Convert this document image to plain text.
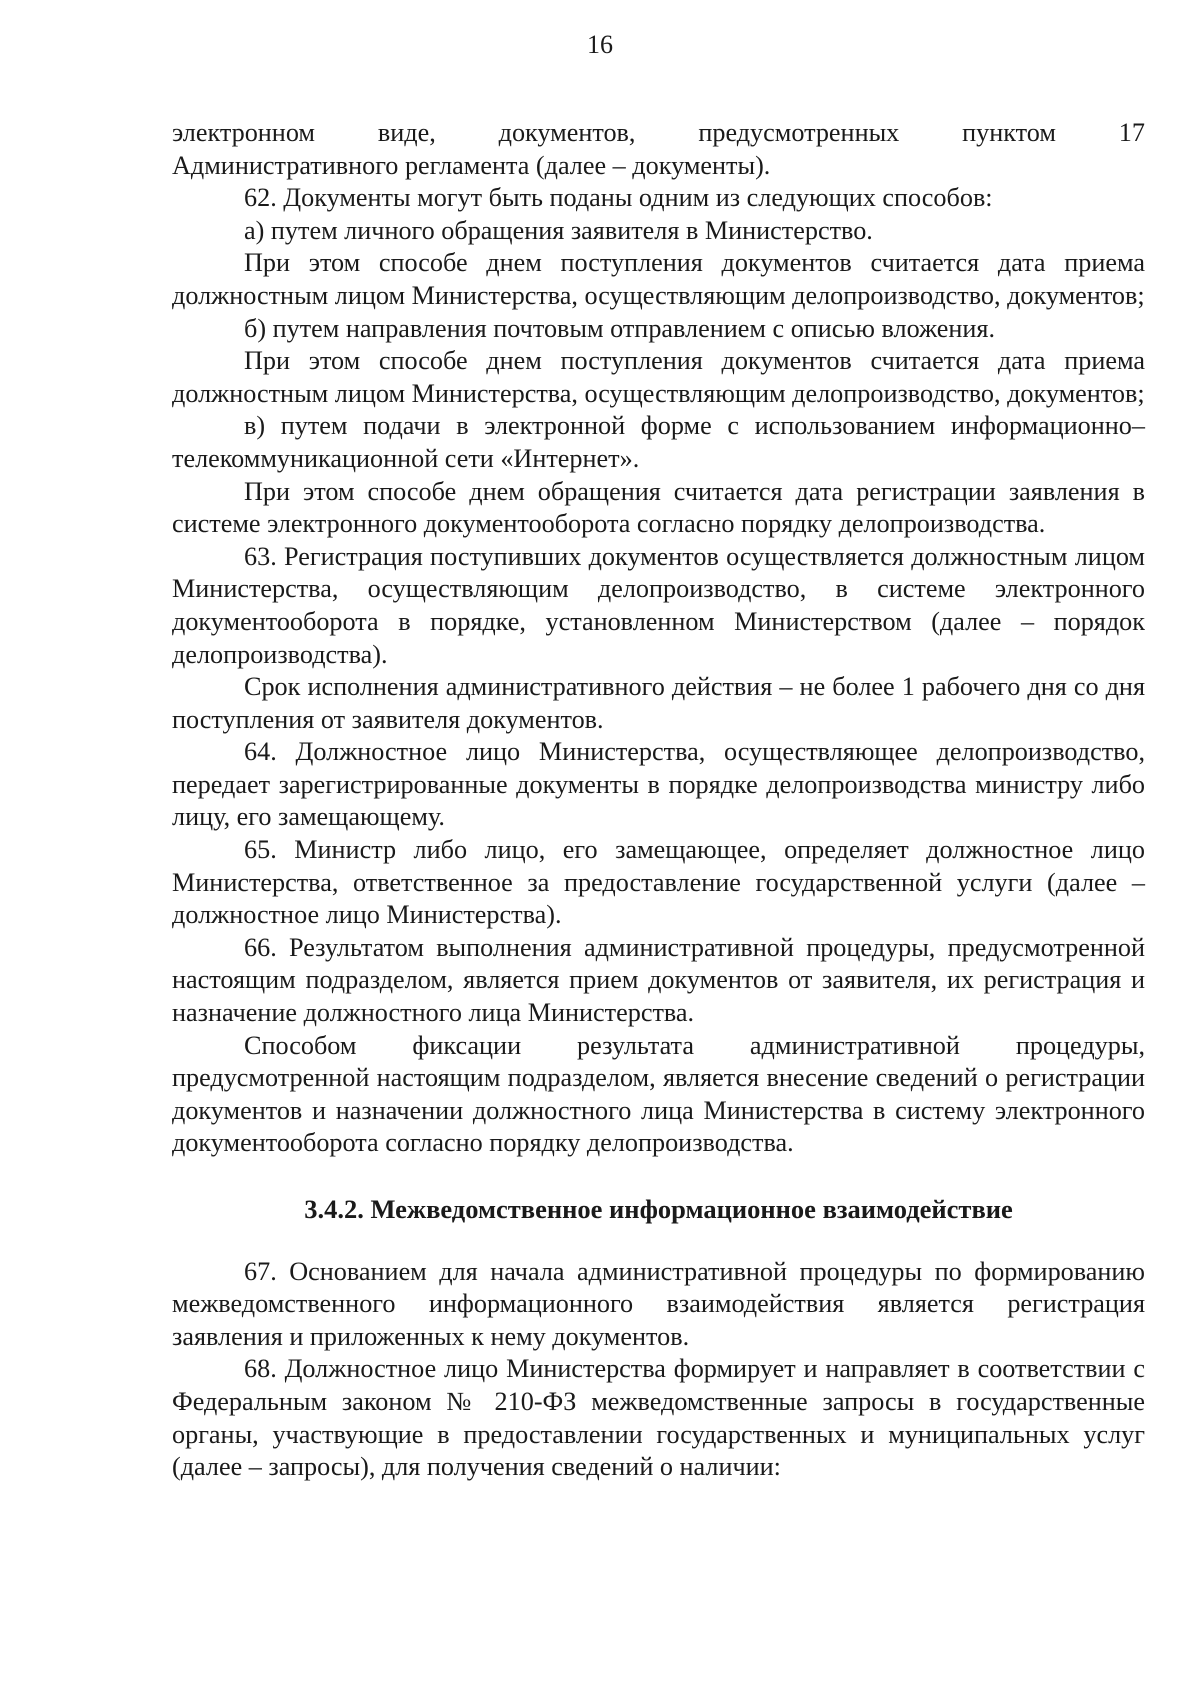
16

электронном виде, документов, предусмотренных пунктом 17

Административного регламента (далее – документы).

62. Документы могут быть поданы одним из следующих способов:

а) путем личного обращения заявителя в Министерство.

При этом способе днем поступления документов считается дата приема должностным лицом Министерства, осуществляющим делопроизводство, документов;

б) путем направления почтовым отправлением с описью вложения.

При этом способе днем поступления документов считается дата приема должностным лицом Министерства, осуществляющим делопроизводство, документов;

в) путем подачи в электронной форме с использованием информационно–телекоммуникационной сети «Интернет».

При этом способе днем обращения считается дата регистрации заявления в системе электронного документооборота согласно порядку делопроизводства.

63. Регистрация поступивших документов осуществляется должностным лицом Министерства, осуществляющим делопроизводство, в системе электронного документооборота в порядке, установленном Министерством (далее – порядок делопроизводства).

Срок исполнения административного действия – не более 1 рабочего дня со дня поступления от заявителя документов.

64. Должностное лицо Министерства, осуществляющее делопроизводство, передает зарегистрированные документы в порядке делопроизводства министру либо лицу, его замещающему.

65. Министр либо лицо, его замещающее, определяет должностное лицо Министерства, ответственное за предоставление государственной услуги (далее – должностное лицо Министерства).

66. Результатом выполнения административной процедуры, предусмотренной настоящим подразделом, является прием документов от заявителя, их регистрация и назначение должностного лица Министерства.

Способом фиксации результата административной процедуры, предусмотренной настоящим подразделом, является внесение сведений о регистрации документов и назначении должностного лица Министерства в систему электронного документооборота согласно порядку делопроизводства.

3.4.2. Межведомственное информационное взаимодействие

67. Основанием для начала административной процедуры по формированию межведомственного информационного взаимодействия является регистрация заявления и приложенных к нему документов.

68. Должностное лицо Министерства формирует и направляет в соответствии с Федеральным законом № 210-ФЗ межведомственные запросы в государственные органы, участвующие в предоставлении государственных и муниципальных услуг (далее – запросы), для получения сведений о наличии:
